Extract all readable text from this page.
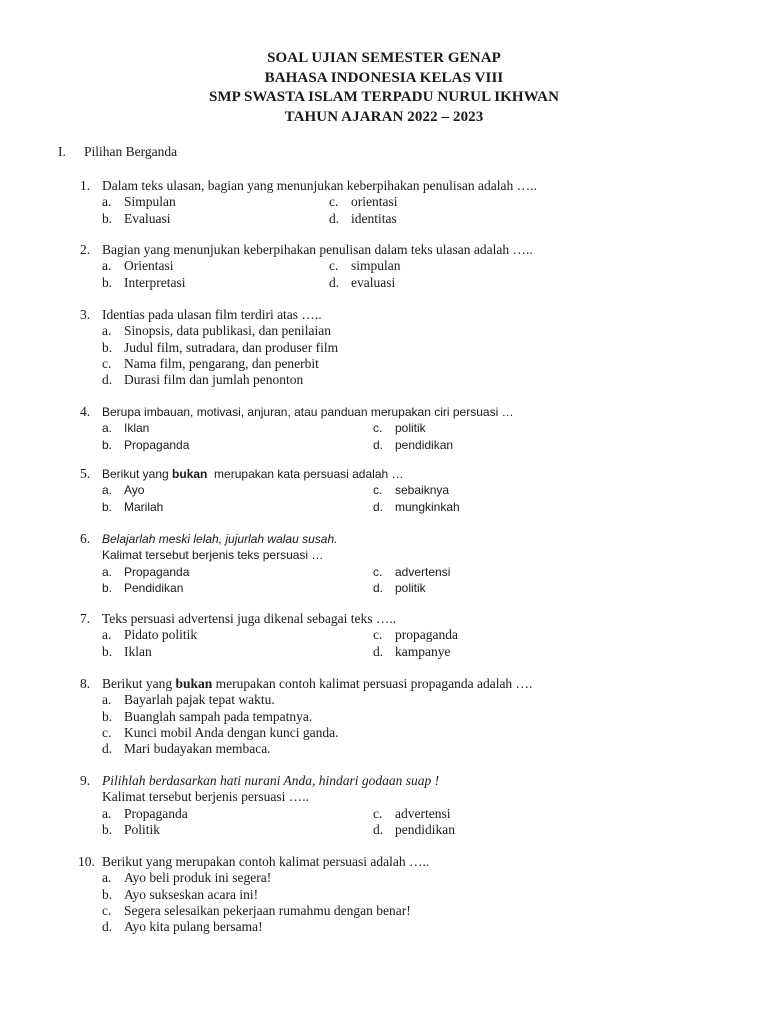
SOAL UJIAN SEMESTER GENAP
BAHASA INDONESIA KELAS VIII
SMP SWASTA ISLAM TERPADU NURUL IKHWAN
TAHUN AJARAN 2022 – 2023
I. Pilihan Berganda
1. Dalam teks ulasan, bagian yang menunjukan keberpihakan penulisan adalah …..
a. Simpulan	c. orientasi
b. Evaluasi	d. identitas
2. Bagian yang menunjukan keberpihakan penulisan dalam teks ulasan adalah …..
a. Orientasi	c. simpulan
b. Interpretasi	d. evaluasi
3. Identias pada ulasan film terdiri atas …..
a. Sinopsis, data publikasi, dan penilaian
b. Judul film, sutradara, dan produser film
c. Nama film, pengarang, dan penerbit
d. Durasi film dan jumlah penonton
4. Berupa imbauan, motivasi, anjuran, atau panduan merupakan ciri persuasi …
a. Iklan	c.	politik
b. Propaganda	d. pendidikan
5. Berikut yang bukan  merupakan kata persuasi adalah …
a. Ayo	c.	sebaiknya
b. Marilah	d. mungkinkah
6. Belajarlah meski lelah, jujurlah walau susah.
Kalimat tersebut berjenis teks persuasi …
a. Propaganda	c.	advertensi
b. Pendidikan	d. politik
7. Teks persuasi advertensi juga dikenal sebagai teks …..
a. Pidato politik	c. propaganda
b. Iklan	d. kampanye
8. Berikut yang bukan merupakan contoh kalimat persuasi propaganda adalah ….
a. Bayarlah pajak tepat waktu.
b. Buanglah sampah pada tempatnya.
c. Kunci mobil Anda dengan kunci ganda.
d. Mari budayakan membaca.
9. Pilihlah berdasarkan hati nurani Anda, hindari godaan suap !
Kalimat tersebut berjenis persuasi …..
a. Propaganda	c. advertensi
b. Politik	d. pendidikan
10. Berikut yang merupakan contoh kalimat persuasi adalah …..
a. Ayo beli produk ini segera!
b. Ayo sukseskan acara ini!
c. Segera selesaikan pekerjaan rumahmu dengan benar!
d. Ayo kita pulang bersama!
